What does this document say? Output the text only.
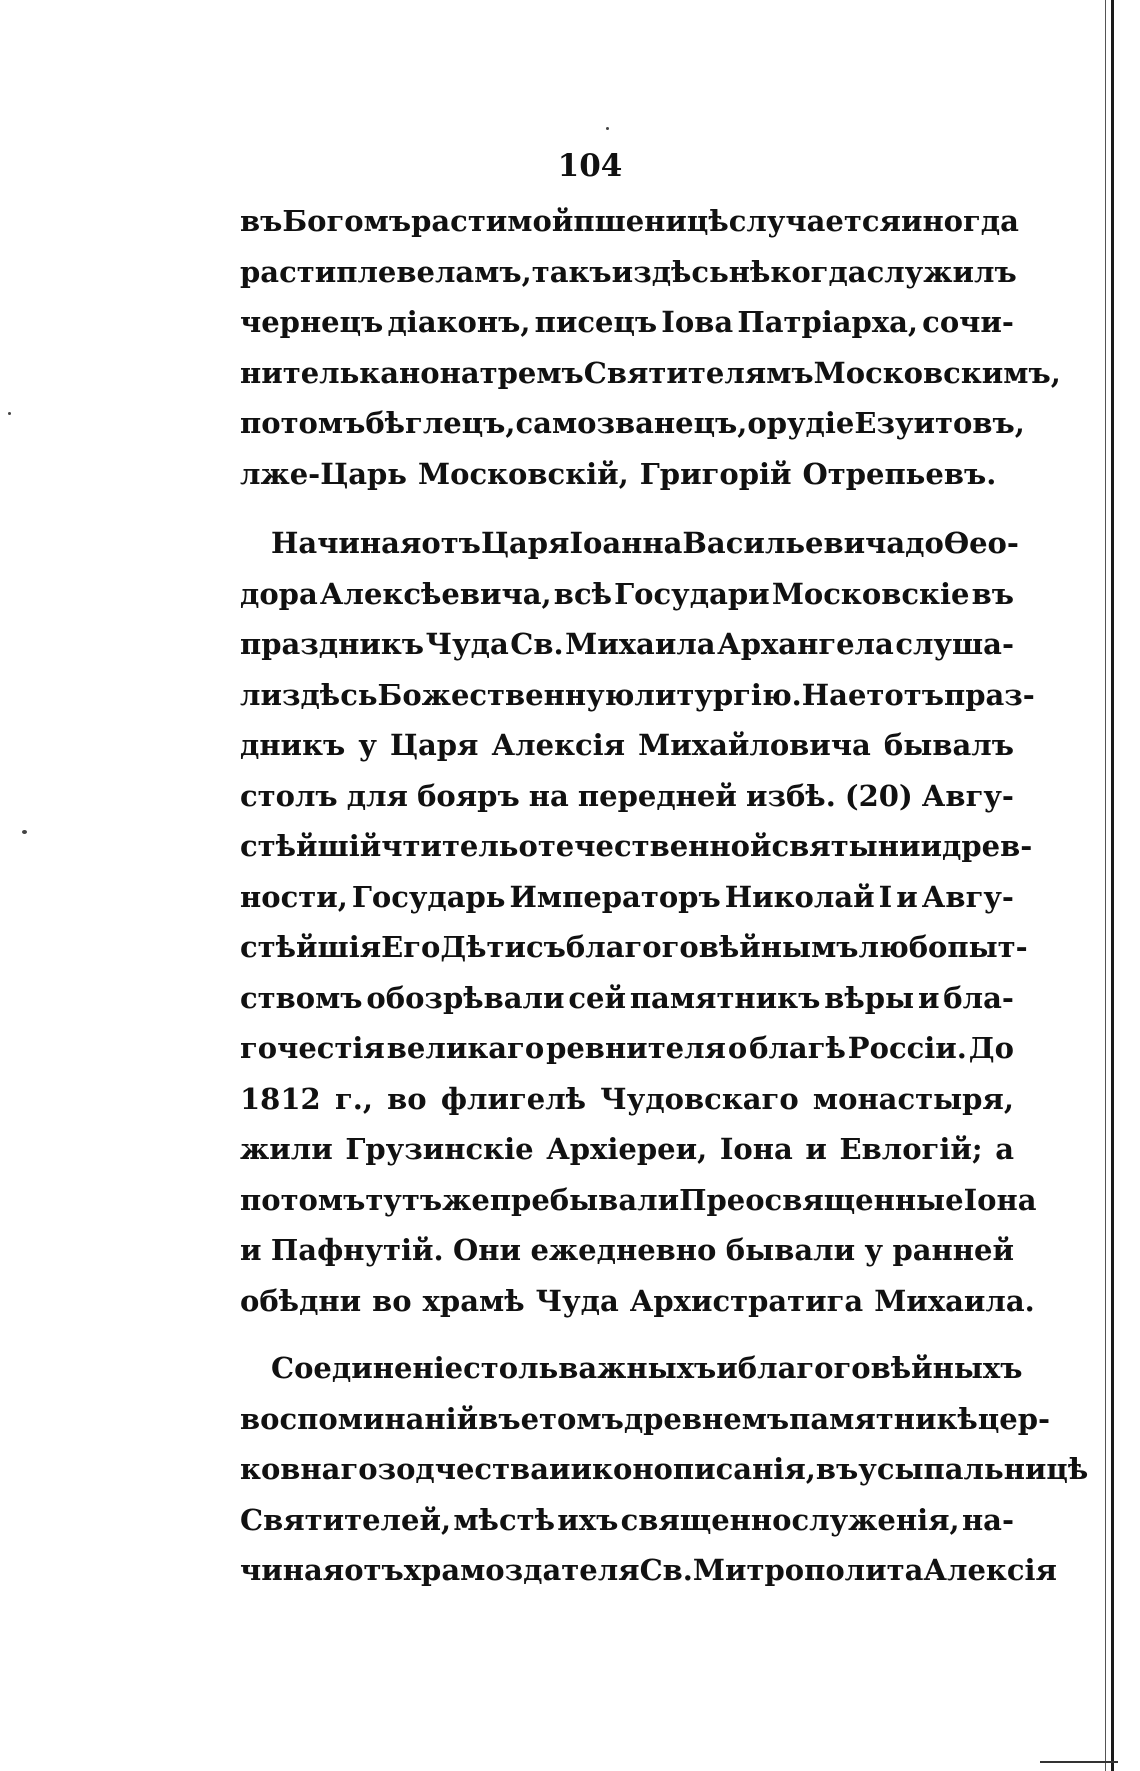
104
въ Богомъ растимой пшеницѣ случается иногда
расти плевеламъ, такъ и здѣсь нѣкогда служилъ
чернецъ діаконъ, писецъ Іова Патріарха, сочи-
нитель канона тремъ Святителямъ Московскимъ,
потомъ бѣглецъ, самозванецъ, орудіе Езуитовъ,
лже-Царь Московскій, Григорій Отрепьевъ.
Начиная отъ Царя Іоанна Васильевича до Ѳео-
дора Алексѣевича, всѣ Государи Московскіе въ
праздникъ Чуда Св. Михаила Архангела слуша-
ли здѣсь Божественную литургію. На етотъ праз-
дникъ у Царя Алексія Михайловича бывалъ
столъ для бояръ на передней избѣ. (20) Авгу-
стѣйшій чтитель отечественной святыни и древ-
ности, Государь Императоръ Николай I и Авгу-
стѣйшія Его Дѣти съ благоговѣйнымъ любопыт-
ствомъ обозрѣвали сей памятникъ вѣры и бла-
гочестія великаго ревнителя о благѣ Россіи. До
1812 г., во флигелѣ Чудовскаго монастыря,
жили Грузинскіе Архіереи, Іона и Евлогій; а
потомъ тутъ же пребывали Преосвященные Іона
и Пафнутій. Они ежедневно бывали у ранней
обѣдни во храмѣ Чуда Архистратига Михаила.
Соединеніе столь важныхъ и благоговѣйныхъ
воспоминаній въ етомъ древнемъ памятникѣ цер-
ковнаго зодчества и иконописанія, въ усыпальницѣ
Святителей, мѣстѣ ихъ священнослуженія, на-
чиная отъ храмоздателя Св. Митрополита Алексія
